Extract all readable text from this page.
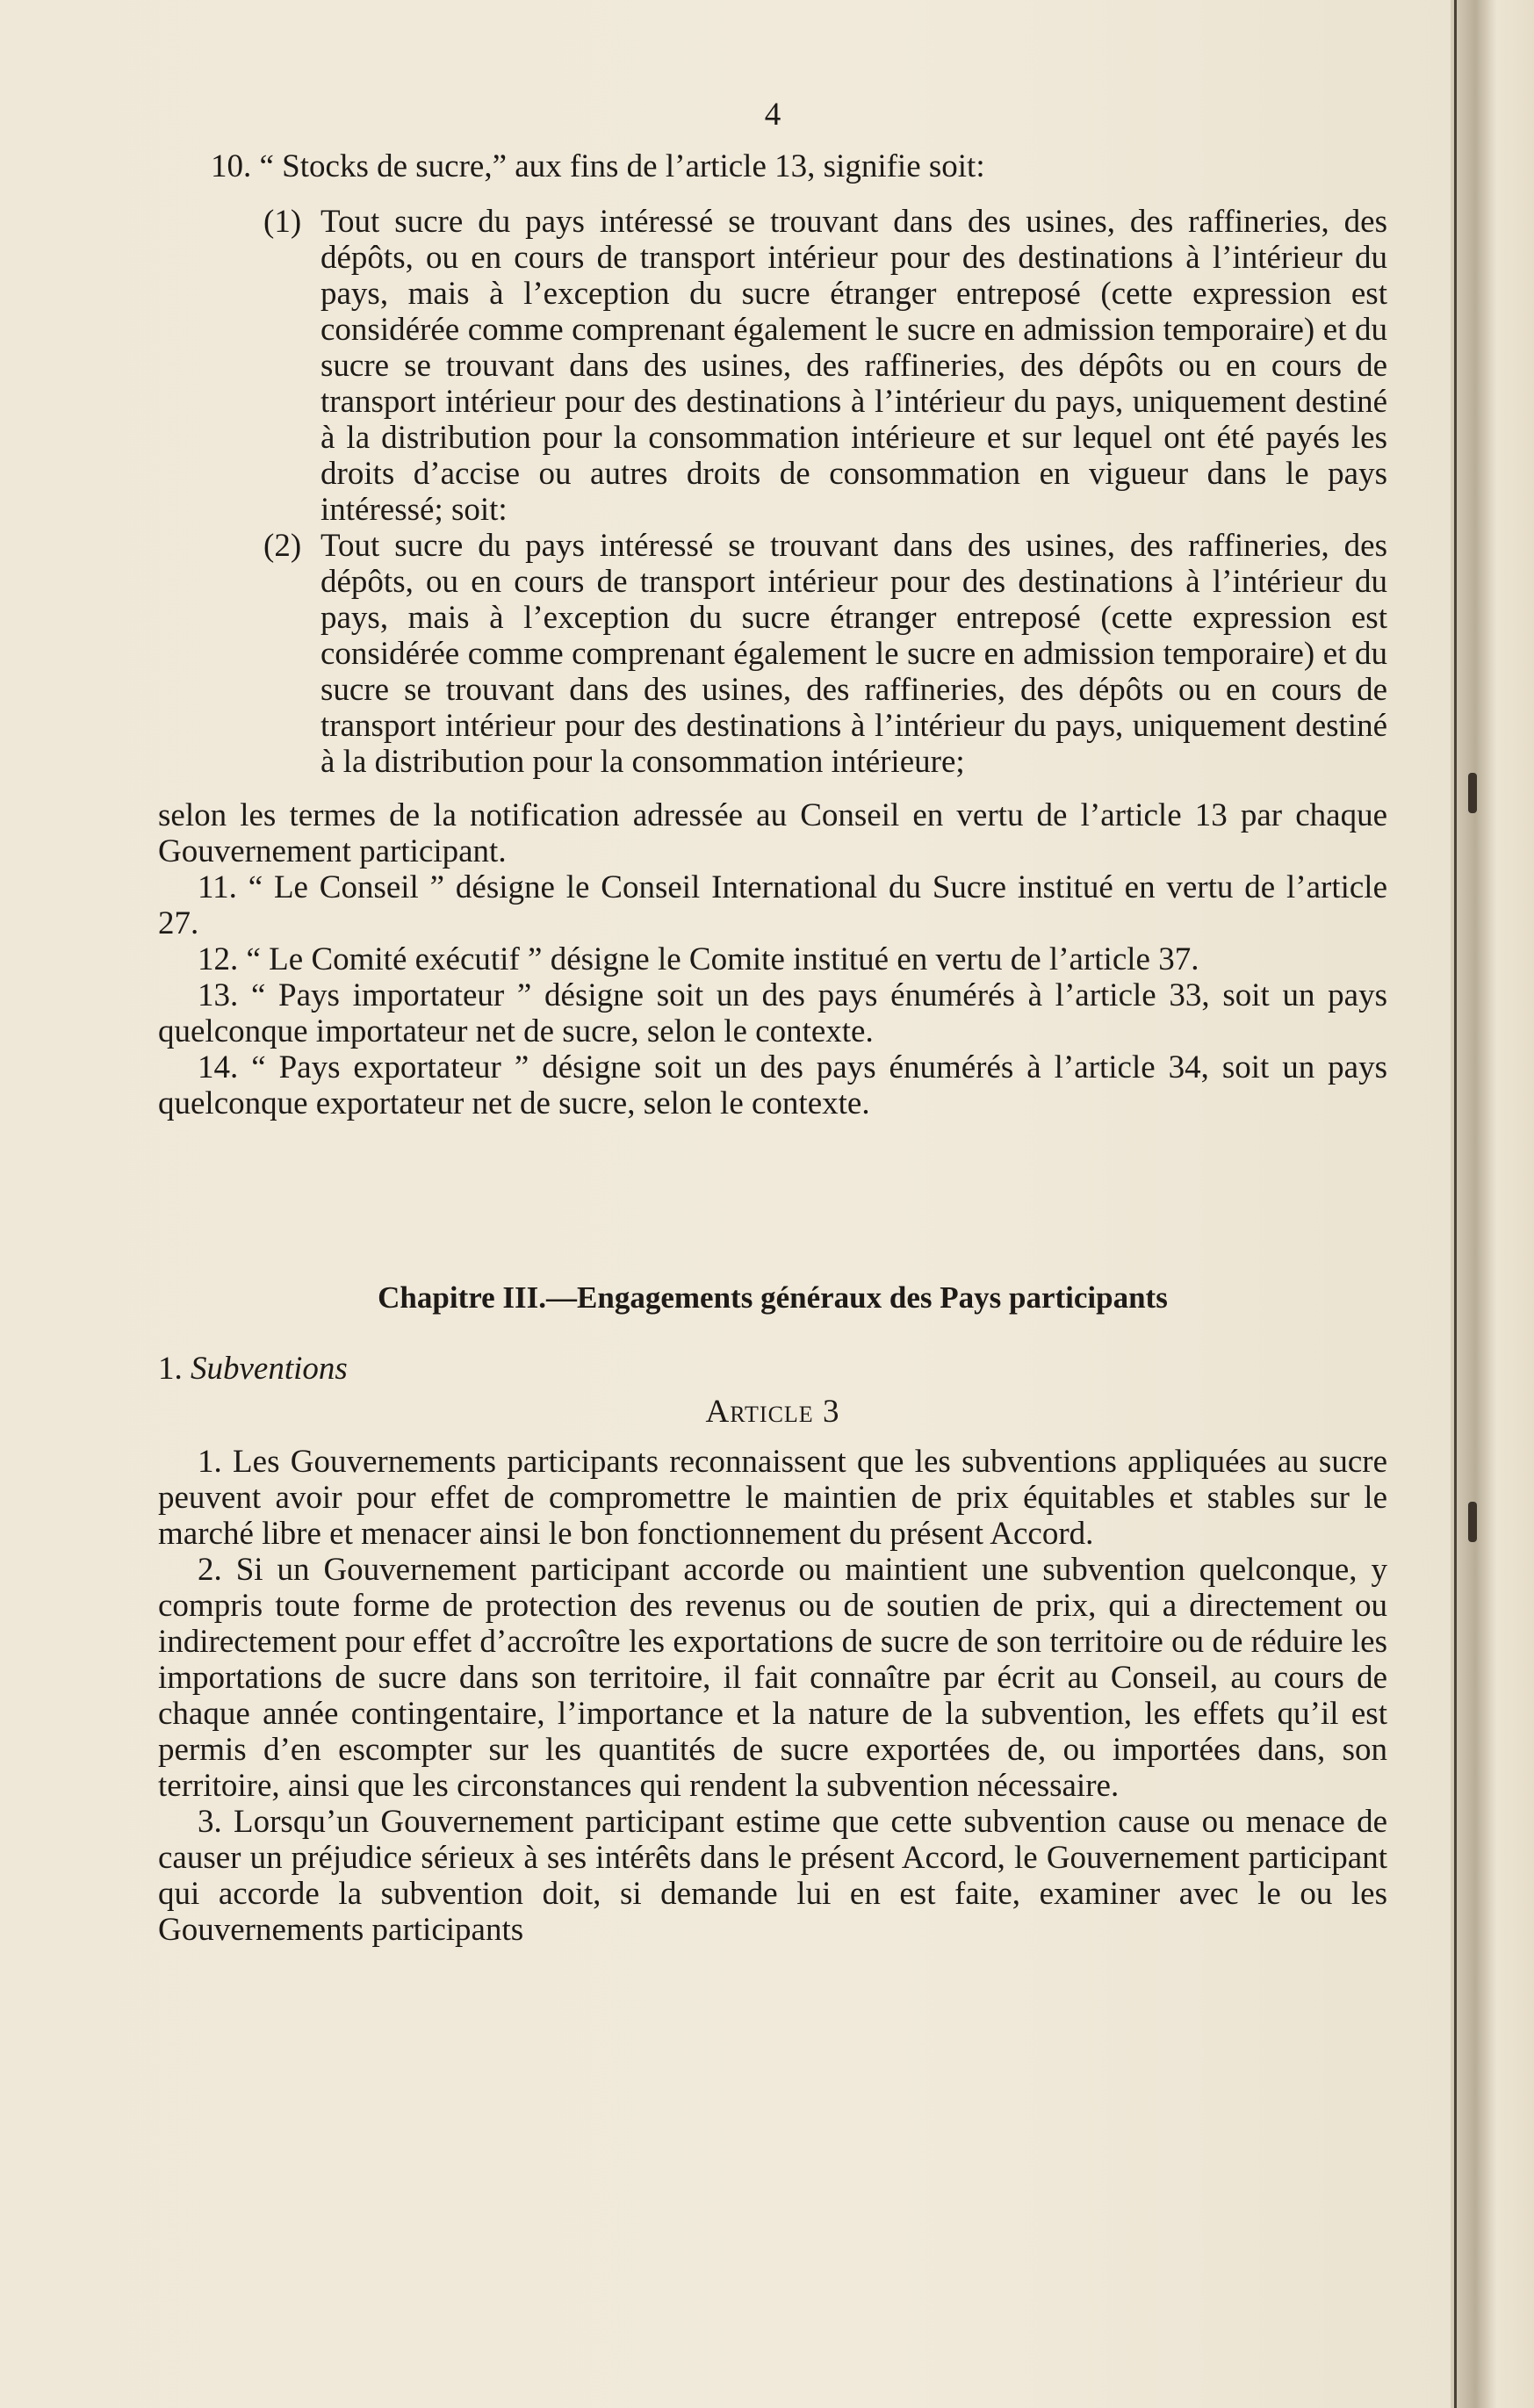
4

10. “ Stocks de sucre,” aux fins de l’article 13, signifie soit:

(1) Tout sucre du pays intéressé se trouvant dans des usines, des raffineries, des dépôts, ou en cours de transport intérieur pour des destinations à l’intérieur du pays, mais à l’exception du sucre étranger entreposé (cette expression est considérée comme comprenant également le sucre en admission temporaire) et du sucre se trouvant dans des usines, des raffineries, des dépôts ou en cours de transport intérieur pour des destinations à l’intérieur du pays, uniquement destiné à la distribution pour la consommation intérieure et sur lequel ont été payés les droits d’accise ou autres droits de consommation en vigueur dans le pays intéressé; soit:

(2) Tout sucre du pays intéressé se trouvant dans des usines, des raffineries, des dépôts, ou en cours de transport intérieur pour des destinations à l’intérieur du pays, mais à l’exception du sucre étranger entreposé (cette expression est considérée comme comprenant également le sucre en admission temporaire) et du sucre se trouvant dans des usines, des raffineries, des dépôts ou en cours de transport intérieur pour des destinations à l’intérieur du pays, uniquement destiné à la distribution pour la consommation intérieure;

selon les termes de la notification adressée au Conseil en vertu de l’article 13 par chaque Gouvernement participant.

11. “ Le Conseil ” désigne le Conseil International du Sucre institué en vertu de l’article 27.

12. “ Le Comité exécutif ” désigne le Comite institué en vertu de l’article 37.

13. “ Pays importateur ” désigne soit un des pays énumérés à l’article 33, soit un pays quelconque importateur net de sucre, selon le contexte.

14. “ Pays exportateur ” désigne soit un des pays énumérés à l’article 34, soit un pays quelconque exportateur net de sucre, selon le contexte.

Chapitre III.—Engagements généraux des Pays participants
1. Subventions
Article 3

1. Les Gouvernements participants reconnaissent que les subventions appliquées au sucre peuvent avoir pour effet de compromettre le maintien de prix équitables et stables sur le marché libre et menacer ainsi le bon fonctionnement du présent Accord.

2. Si un Gouvernement participant accorde ou maintient une subvention quelconque, y compris toute forme de protection des revenus ou de soutien de prix, qui a directement ou indirectement pour effet d’accroître les exportations de sucre de son territoire ou de réduire les importations de sucre dans son territoire, il fait connaître par écrit au Conseil, au cours de chaque année contingentaire, l’importance et la nature de la subvention, les effets qu’il est permis d’en escompter sur les quantités de sucre exportées de, ou importées dans, son territoire, ainsi que les circonstances qui rendent la subvention nécessaire.

3. Lorsqu’un Gouvernement participant estime que cette subvention cause ou menace de causer un préjudice sérieux à ses intérêts dans le présent Accord, le Gouvernement participant qui accorde la subvention doit, si demande lui en est faite, examiner avec le ou les Gouvernements participants
